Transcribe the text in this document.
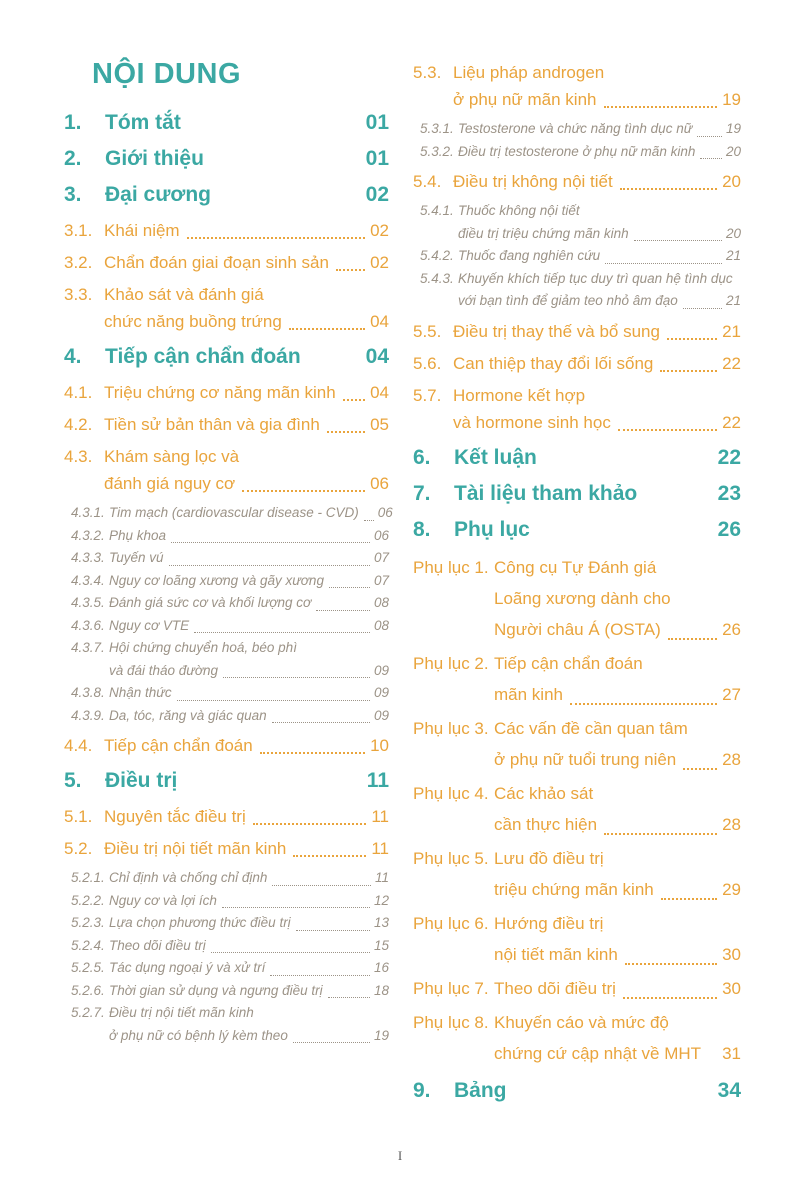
NỘI DUNG
1.	Tóm tắt	01
2.	Giới thiệu	01
3.	Đại cương	02
3.1. Khái niệm	02
3.2. Chẩn đoán giai đoạn sinh sản 02
3.3. Khảo sát và đánh giá
chức năng buồng trứng	04
4.	Tiếp cận chẩn đoán	04
4.1. Triệu chứng cơ năng mãn kinh 04
4.2. Tiền sử bản thân và gia đình	05
4.3. Khám sàng lọc và
đánh giá nguy cơ	06
4.3.1. Tim mạch (cardiovascular disease - CVD) 06
4.3.2. Phụ khoa	06
4.3.3. Tuyến vú	07
4.3.4. Nguy cơ loãng xương và gãy xương	07
4.3.5. Đánh giá sức cơ và khối lượng cơ	08
4.3.6. Nguy cơ VTE	08
4.3.7. Hội chứng chuyển hoá, béo phì
và đái tháo đường	09
4.3.8. Nhận thức	09
4.3.9. Da, tóc, răng và giác quan	09
4.4. Tiếp cận chẩn đoán	10
5.	Điều trị	11
5.1. Nguyên tắc điều trị	11
5.2. Điều trị nội tiết mãn kinh	11
5.2.1. Chỉ định và chống chỉ định	11
5.2.2. Nguy cơ và lợi ích	12
5.2.3. Lựa chọn phương thức điều trị	13
5.2.4. Theo dõi điều trị	15
5.2.5. Tác dụng ngoại ý và xử trí	16
5.2.6. Thời gian sử dụng và ngưng điều trị	18
5.2.7. Điều trị nội tiết mãn kinh
ở phụ nữ có bệnh lý kèm theo	19
5.3. Liệu pháp androgen
ở phụ nữ mãn kinh	19
5.3.1. Testosterone và chức năng tình dục nữ 19
5.3.2. Điều trị testosterone ở phụ nữ mãn kinh 20
5.4. Điều trị không nội tiết	20
5.4.1. Thuốc không nội tiết
điều trị triệu chứng mãn kinh	20
5.4.2. Thuốc đang nghiên cứu	21
5.4.3. Khuyến khích tiếp tục duy trì quan hệ tình dục
với bạn tình để giảm teo nhỏ âm đạo	21
5.5. Điều trị thay thế và bổ sung	21
5.6. Can thiệp thay đổi lối sống	22
5.7. Hormone kết hợp
và hormone sinh học	22
6.	Kết luận	22
7.	Tài liệu tham khảo	23
8.	Phụ lục	26
Phụ lục 1. Công cụ Tự Đánh giá
Loãng xương dành cho
Người châu Á (OSTA)	26
Phụ lục 2. Tiếp cận chẩn đoán
mãn kinh	27
Phụ lục 3. Các vấn đề cần quan tâm
ở phụ nữ tuổi trung niên	28
Phụ lục 4. Các khảo sát
cần thực hiện	28
Phụ lục 5. Lưu đồ điều trị
triệu chứng mãn kinh	29
Phụ lục 6. Hướng điều trị
nội tiết mãn kinh	30
Phụ lục 7. Theo dõi điều trị	30
Phụ lục 8. Khuyến cáo và mức độ
chứng cứ cập nhật về MHT 31
9.	Bảng	34
I
